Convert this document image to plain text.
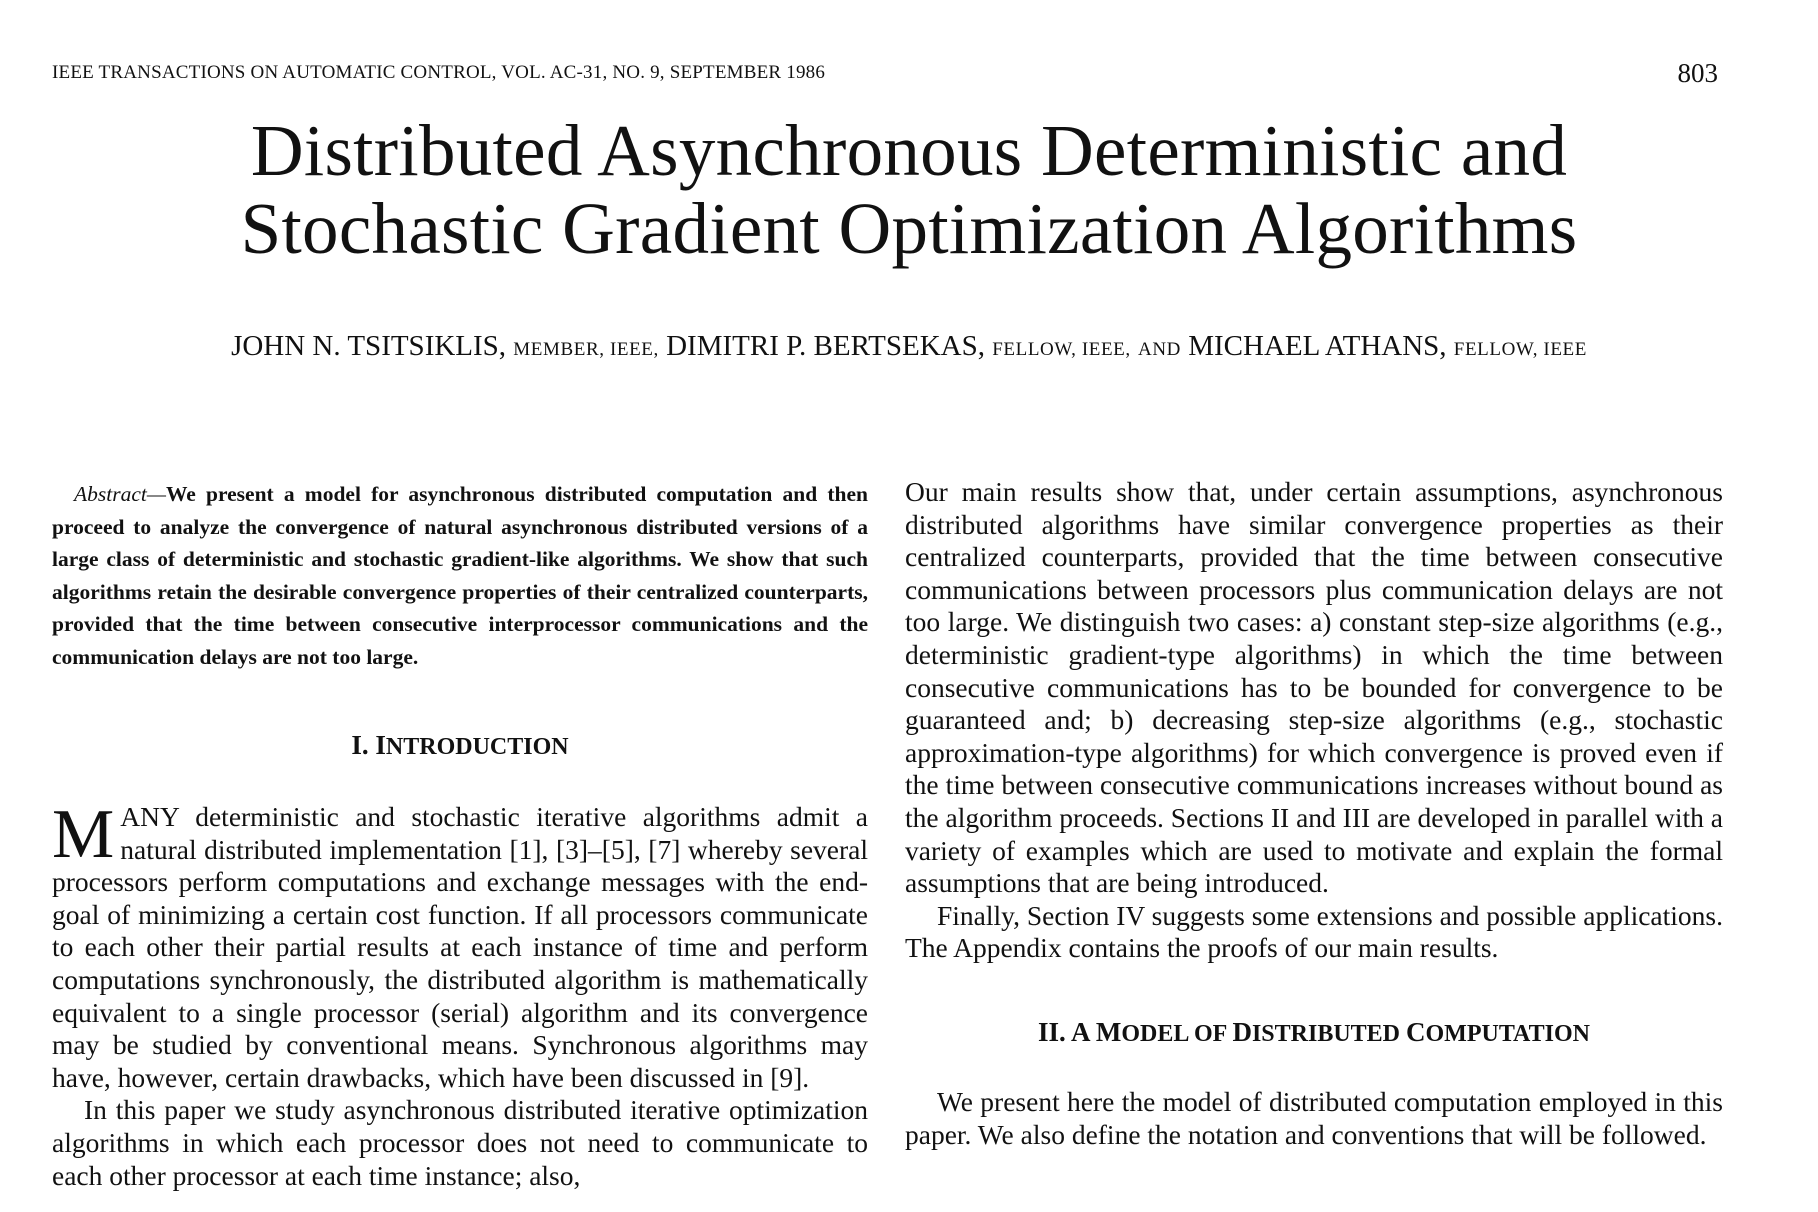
IEEE TRANSACTIONS ON AUTOMATIC CONTROL, VOL. AC-31, NO. 9, SEPTEMBER 1986	803
Distributed Asynchronous Deterministic and
Stochastic Gradient Optimization Algorithms
JOHN N. TSITSIKLIS, MEMBER, IEEE, DIMITRI P. BERTSEKAS, FELLOW, IEEE, AND MICHAEL ATHANS, FELLOW, IEEE

Abstract—We present a model for asynchronous distributed computation and then proceed to analyze the convergence of natural asynchronous distributed versions of a large class of deterministic and stochastic gradient-like algorithms. We show that such algorithms retain the desirable convergence properties of their centralized counterparts, provided that the time between consecutive interprocessor communications and the communication delays are not too large.

I. INTRODUCTION

MANY deterministic and stochastic iterative algorithms admit a natural distributed implementation [1], [3]–[5], [7] whereby several processors perform computations and exchange messages with the end-goal of minimizing a certain cost function. If all processors communicate to each other their partial results at each instance of time and perform computations synchronously, the distributed algorithm is mathematically equivalent to a single processor (serial) algorithm and its convergence may be studied by conventional means. Synchronous algorithms may have, however, certain drawbacks, which have been discussed in [9].

In this paper we study asynchronous distributed iterative optimization algorithms in which each processor does not need to communicate to each other processor at each time instance; also,

Our main results show that, under certain assumptions, asynchronous distributed algorithms have similar convergence properties as their centralized counterparts, provided that the time between consecutive communications between processors plus communication delays are not too large. We distinguish two cases: a) constant step-size algorithms (e.g., deterministic gradient-type algorithms) in which the time between consecutive communications has to be bounded for convergence to be guaranteed and; b) decreasing step-size algorithms (e.g., stochastic approximation-type algorithms) for which convergence is proved even if the time between consecutive communications increases without bound as the algorithm proceeds. Sections II and III are developed in parallel with a variety of examples which are used to motivate and explain the formal assumptions that are being introduced.

Finally, Section IV suggests some extensions and possible applications. The Appendix contains the proofs of our main results.

II. A MODEL OF DISTRIBUTED COMPUTATION

We present here the model of distributed computation employed in this paper. We also define the notation and conventions that will be followed.
